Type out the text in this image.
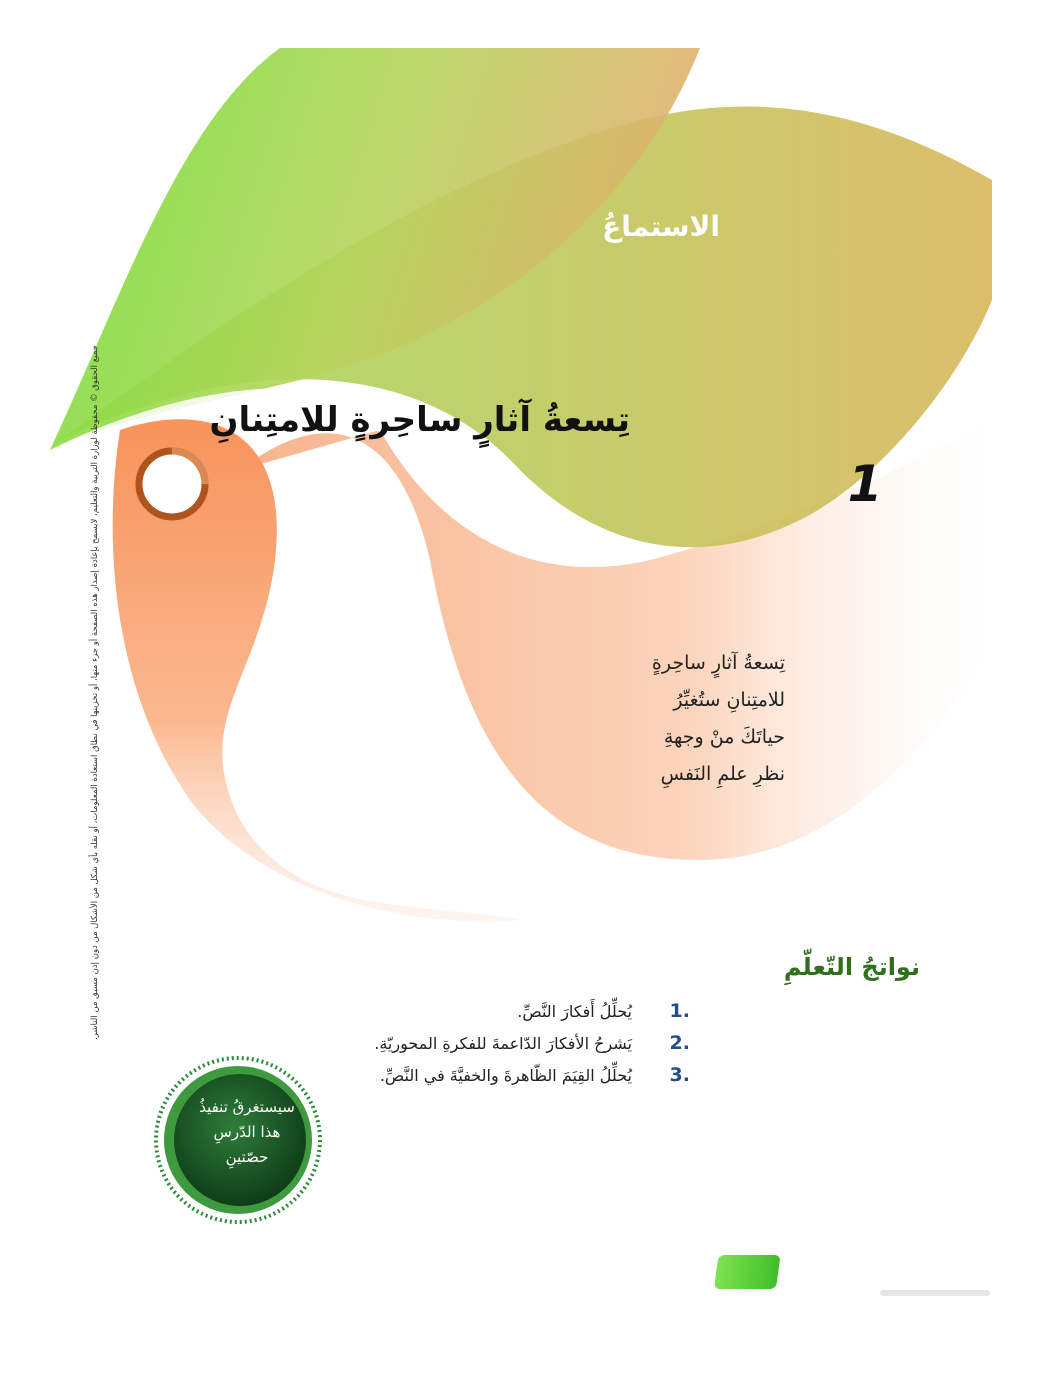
الاستماعُ
تِسعةُ آثارٍ ساحِرةٍ للامتِنانِ
1
تِسعةُ آثارٍ ساحِرةٍ
للامتِنانِ ستُغيِّرُ
حياتَكَ منْ وجهةِ
نظرِ علمِ النَفسِ
جميع الحقوق © محفوظة لوزارة التربية والتعليم، لايسمح بإعادة إصدار هذه الصفحة أو جزء منها، أو تخزينها في نطاق استعادة المعلومات، أو نقله بأي شكل من الأشكال من دون إذن مسبق من الناشر.	نواتجُ التّعلّمِ
1.
يُحلِّلُ أَفكارَ النَّصِّ.
2.
يَشرحُ الأفكارَ الدّاعمةَ للفكرةِ المحوريّةِ.
3.
يُحلِّلُ القِيَمَ الظّاهرةَ والخفيَّةَ في النَّصِّ.
سيستغرقُ تنفيذُ
هذا الدّرسِ
حصّتينِ
56
